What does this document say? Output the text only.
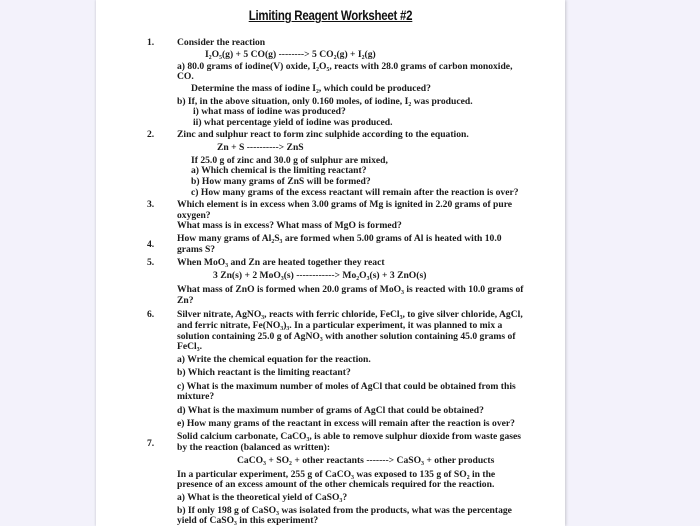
Limiting Reagent Worksheet #2
1. Consider the reaction
I₂O₅(g) + 5 CO(g) --------> 5 CO₂(g) + I₂(g)
a) 80.0 grams of iodine(V) oxide, I₂O₅, reacts with 28.0 grams of carbon monoxide,
CO.
Determine the mass of iodine I₂, which could be produced?
b) If, in the above situation, only 0.160 moles, of iodine, I₂ was produced.
i) what mass of iodine was produced?
ii) what percentage yield of iodine was produced.
2. Zinc and sulphur react to form zinc sulphide according to the equation.
Zn + S ----------> ZnS
If 25.0 g of zinc and 30.0 g of sulphur are mixed,
a) Which chemical is the limiting reactant?
b) How many grams of ZnS will be formed?
c) How many grams of the excess reactant will remain after the reaction is over?
3. Which element is in excess when 3.00 grams of Mg is ignited in 2.20 grams of pure
oxygen?
What mass is in excess? What mass of MgO is formed?
4.
How many grams of Al₂S₃ are formed when 5.00 grams of Al is heated with 10.0
grams S?
5. When MoO₃ and Zn are heated together they react
3 Zn(s) + 2 MoO₃(s) ------------> Mo₂O₃(s) + 3 ZnO(s)
What mass of ZnO is formed when 20.0 grams of MoO₃ is reacted with 10.0 grams of
Zn?
6. Silver nitrate, AgNO₃, reacts with ferric chloride, FeCl₃, to give silver chloride, AgCl,
and ferric nitrate, Fe(NO₃)₃. In a particular experiment, it was planned to mix a
solution containing 25.0 g of AgNO₃ with another solution containing 45.0 grams of
FeCl₃.
a) Write the chemical equation for the reaction.
b) Which reactant is the limiting reactant?
c) What is the maximum number of moles of AgCl that could be obtained from this
mixture?
d) What is the maximum number of grams of AgCl that could be obtained?
e) How many grams of the reactant in excess will remain after the reaction is over?
7.
Solid calcium carbonate, CaCO₃, is able to remove sulphur dioxide from waste gases
by the reaction (balanced as written):
CaCO₃ + SO₂ + other reactants -------> CaSO₃ + other products
In a particular experiment, 255 g of CaCO₃ was exposed to 135 g of SO₂ in the
presence of an excess amount of the other chemicals required for the reaction.
a) What is the theoretical yield of CaSO₃?
b) If only 198 g of CaSO₃ was isolated from the products, what was the percentage
yield of CaSO₃ in this experiment?
